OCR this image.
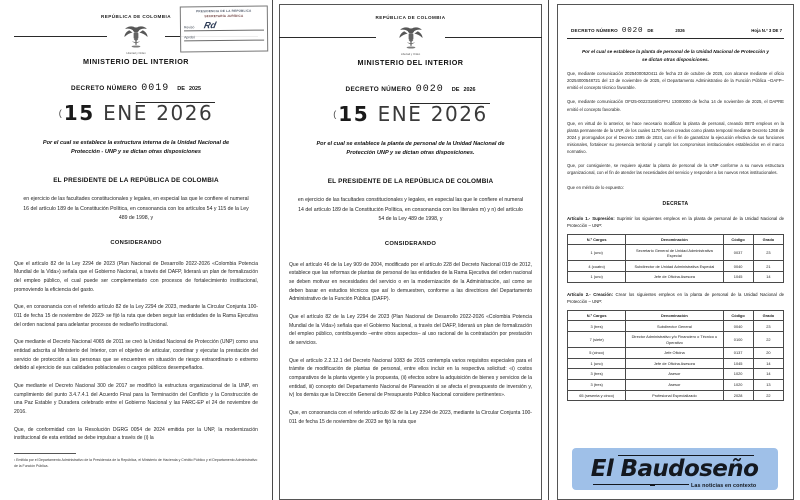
REPÚBLICA DE COLOMBIA
Libertad y Orden
MINISTERIO DEL INTERIOR
DECRETO NÚMERO 0019 DE 2025
( 15 ENE 2026
Por el cual se establece la estructura interna de la Unidad Nacional de Protección - UNP y se dictan otras disposiciones
EL PRESIDENTE DE LA REPÚBLICA DE COLOMBIA
en ejercicio de las facultades constitucionales y legales, en especial las que le confiere el numeral 16 del artículo 189 de la Constitución Política, en consonancia con los artículos 54 y 115 de la Ley 489 de 1998, y
CONSIDERANDO
Que el artículo 82 de la Ley 2294 de 2023 (Plan Nacional de Desarrollo 2022-2026 «Colombia Potencia Mundial de la Vida») señala que el Gobierno Nacional, a través del DAFP, liderará un plan de formalización del empleo público, el cual puede ser complementario con procesos de fortalecimiento institucional, promoviendo la eficiencia del gasto.
Que, en consonancia con el referido artículo 82 de la Ley 2294 de 2023, mediante la Circular Conjunta 100-011 de fecha 15 de noviembre de 2023¹ se fijó la ruta que deben seguir las entidades de la Rama Ejecutiva del orden nacional para adelantar procesos de rediseño institucional.
Que mediante el Decreto Nacional 4065 de 2011 se creó la Unidad Nacional de Protección (UNP) como una entidad adscrita al Ministerio del Interior, con el objetivo de articular, coordinar y ejecutar la prestación del servicio de protección a las personas que se encuentren en situación de riesgo extraordinario o extremo debido al ejercicio de sus calidades poblacionales o cargos públicos desempeñados.
Que mediante el Decreto Nacional 300 de 2017 se modificó la estructura organizacional de la UNP, en cumplimiento del punto 3.4.7.4.1 del Acuerdo Final para la Terminación del Conflicto y la Construcción de una Paz Estable y Duradera celebrado entre el Gobierno Nacional y las FARC-EP el 24 de noviembre de 2016.
Que, de conformidad con la Resolución DGRG 0054 de 2024 emitida por la UNP, la modernización institucional de esta entidad se debe impulsar a través de (i) la
¹ Emitida por el Departamento Administrativo de la Presidencia de la República, el Ministerio de Hacienda y Crédito Público y el Departamento Administrativo de la Función Pública.
PRESIDENCIA DE LA REPÚBLICA
SECRETARÍA JURÍDICA
Revisó Rd
Aprobó
REPÚBLICA DE COLOMBIA
Libertad y Orden
MINISTERIO DEL INTERIOR
DECRETO NÚMERO 0020 DE 2026
( 15 ENE 2026
Por el cual se establece la planta de personal de la Unidad Nacional de Protección UNP y se dictan otras disposiciones.
EL PRESIDENTE DE LA REPÚBLICA DE COLOMBIA
en ejercicio de las facultades constitucionales y legales, en especial las que le confiere el numeral 14 del artículo 189 de la Constitución Política, en consonancia con los literales m) y n) del artículo 54 de la Ley 489 de 1998, y
CONSIDERANDO
Que el artículo 46 de la Ley 909 de 2004, modificado por el artículo 228 del Decreto Nacional 019 de 2012, establece que las reformas de plantas de personal de las entidades de la Rama Ejecutiva del orden nacional se deben motivar en necesidades del servicio o en la modernización de la Administración, así como se deben basar en estudios técnicos que así lo demuestren, conforme a las directrices del Departamento Administrativo de la Función Pública (DAFP).
Que el artículo 82 de la Ley 2294 de 2023 (Plan Nacional de Desarrollo 2022-2026 «Colombia Potencia Mundial de la Vida») señala que el Gobierno Nacional, a través del DAFP, liderará un plan de formalización del empleo público, contribuyendo –entre otros aspectos– al uso racional de la contratación por prestación de servicios.
Que el artículo 2.2.12.1 del Decreto Nacional 1083 de 2015 contempla varios requisitos especiales para el trámite de modificación de plantas de personal, entre ellos incluir en la respectiva solicitud: «i) costos comparativos de la planta vigente y la propuesta, (ii) efectos sobre la adquisición de bienes y servicios de la entidad, iii) concepto del Departamento Nacional de Planeación si se afecta el presupuesto de inversión y, iv) los demás que la Dirección General de Presupuesto Público Nacional considere pertinentes».
Que, en consonancia con el referido artículo 82 de la Ley 2294 de 2023, mediante la Circular Conjunta 100-011 de fecha 15 de noviembre de 2023 se fijó la ruta que
DECRETO NÚMERO 0020 DE	2026	Hoja N.º 3 DE 7
Por el cual se establece la planta de personal de la Unidad Nacional de Protección y se dictan otras disposiciones.
Que, mediante comunicación 20254000520411 de fecha 23 de octubre de 2025, con alcance mediante el oficio 20254000548721 del 13 de noviembre de 2025, el Departamento Administrativo de la Función Pública –DAFP– emitió el concepto técnico favorable.
Que, mediante comunicación OFI25-00223168/GFPU 13000000 de fecha 14 de noviembre de 2025, el DAPRE emitió el concepto favorable.
Que, en virtud de lo anterior, se hace necesario modificar la planta de personal, creando 0870 empleos en la planta permanente de la UNP, de los cuales 1170 fueron creados como planta temporal mediante Decreto 1268 de 2024 y prorrogados por el Decreto 1595 de 2024, con el fin de garantizar la ejecución efectiva de sus funciones misionales, fortalecer su presencia territorial y cumplir los compromisos institucionales establecidos en el marco normativo.
Que, por consiguiente, se requiere ajustar la planta de personal de la UNP conforme a su nueva estructura organizacional, con el fin de atender las necesidades del servicio y responder a los nuevos retos institucionales.
Que en mérito de lo expuesto:
DECRETA
Artículo 1.- Supresión: Suprimir los siguientes empleos en la planta de personal de la Unidad Nacional de Protección – UNP:
N.º Cargos	Denominación	Código	Grado
1 (uno)	Secretario General de Unidad Administrativa Especial	0037	23
4 (cuatro)	Subdirector de Unidad Administrativa Especial	0040	21
1 (uno)	Jefe de Oficina Asesora	1045	14
Artículo 2.- Creación: Crear los siguientes empleos en la planta de personal de la Unidad Nacional de Protección – UNP:
N.º Cargos	Denominación	Código	Grado
3 (tres)	Subdirector General	0040	23
7 (siete)	Director Administrativo y/o Financiero o Técnico u Operativo	0100	22
5 (cinco)	Jefe Oficina	0137	20
1 (uno)	Jefe de Oficina Asesora	1045	14
3 (tres)	Asesor	1020	14
3 (tres)	Asesor	1020	13
65 (sesenta y cinco)	Profesional Especializado	2028	22
El Baudoseño
Las noticias en contexto
